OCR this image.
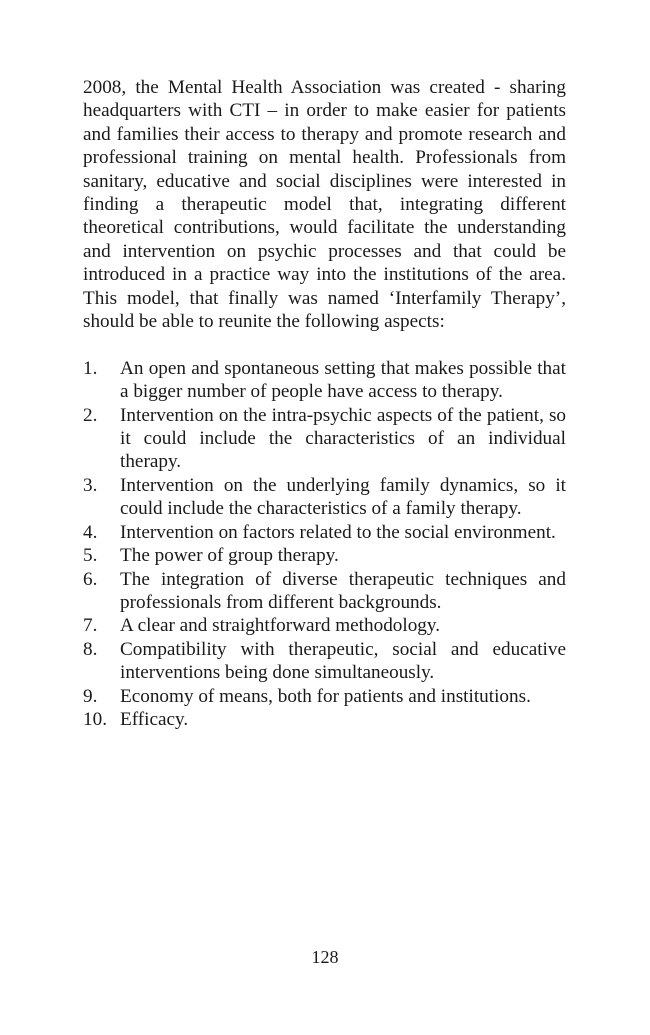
2008, the Mental Health Association was created - sharing headquarters with CTI – in order to make easier for patients and families their access to therapy and promote research and professional training on mental health. Professionals from sanitary, educative and social disciplines were interested in finding a therapeutic model that, integrating different theoretical contributions, would facilitate the understanding and intervention on psychic processes and that could be introduced in a practice way into the institutions of the area. This model, that finally was named ‘Interfamily Therapy’, should be able to reunite the following aspects:

1.	An open and spontaneous setting that makes possible that a bigger number of people have access to therapy.
2.	Intervention on the intra-psychic aspects of the patient, so it could include the characteristics of an individual therapy.
3.	Intervention on the underlying family dynamics, so it could include the characteristics of a family therapy.
4.	Intervention on factors related to the social environment.
5.	The power of group therapy.
6.	The integration of diverse therapeutic techniques and professionals from different backgrounds.
7.	A clear and straightforward methodology.
8.	Compatibility with therapeutic, social and educative interventions being done simultaneously.
9.	Economy of means, both for patients and institutions.
10. Efficacy.
128
